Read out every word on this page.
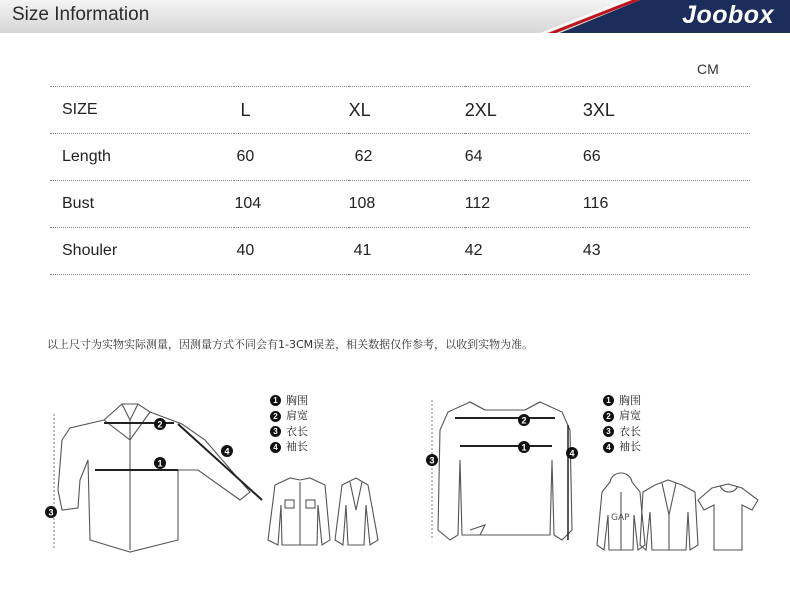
Size Information	Joobox
CM
SIZE	L	XL	2XL	3XL
Length	60	62	64	66
Bust	104	108	112	116
Shouler	40	41	42	43
以上尺寸为实物实际测量，因测量方式不同会有1-3CM误差，相关数据仅作参考，以收到实物为准。
GAP
2
1
4
3
2
1
3
4
1 胸围
2 肩宽
3 衣长
4 袖长
1 胸围
2 肩宽
3 衣长
4 袖长
